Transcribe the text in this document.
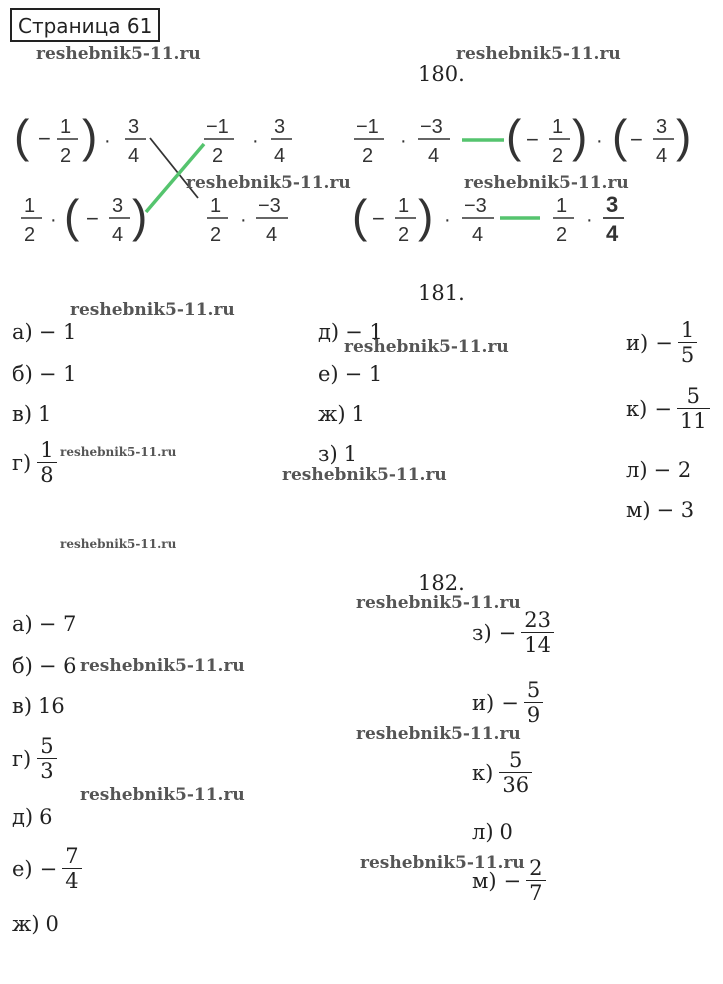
Страница 61
reshebnik5-11.ru	reshebnik5-11.ru
180.
( − 1
2 ) ·
3
4
−1
2
·
3
4
−1
2
·
−3
4 ( − 1
2 ) · ( − 3
4 )
1
2
· ( − 3
4 )	1
2
·
−3
4 ( − 1
2 ) ·
−3
4
1
2
·
3
4
reshebnik5-11.ru	reshebnik5-11.ru
181.
reshebnik5-11.ru
а) − 1
б) − 1
в) 1
$г) \frac{1}{8}$ reshebnik5-11.ru
д) − 1
reshebnik5-11.ru
е) − 1
ж) 1
з) 1
reshebnik5-11.ru
$и) - \frac{1}{5}$
$к) - \frac{5}{11}$
л) − 2
м) − 3
reshebnik5-11.ru
182.
reshebnik5-11.ru
а) − 7
б) − 6 reshebnik5-11.ru
в) 16
$г) \frac{5}{3}$
reshebnik5-11.ru
д) 6
$е) - \frac{7}{4}$
ж) 0
$з) - \frac{23}{14}$
$и) - \frac{5}{9}$
reshebnik5-11.ru
$к) \frac{5}{36}$
л) 0
reshebnik5-11.ru
$м) - \frac{2}{7}$
